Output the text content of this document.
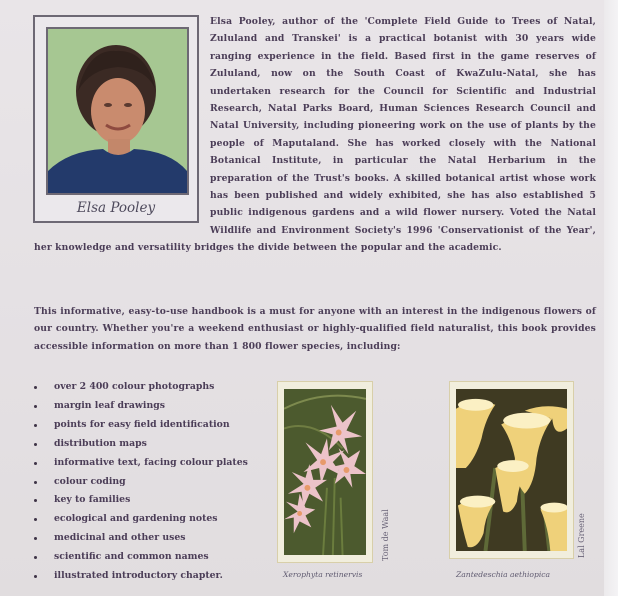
Elsa Pooley
Elsa Pooley, author of the 'Complete Field Guide to Trees of Natal, Zululand and Transkei' is a practical botanist with 30 years wide ranging experience in the field. Based first in the game reserves of Zululand, now on the South Coast of KwaZulu-Natal, she has undertaken research for the Council for Scientific and Industrial Research, Natal Parks Board, Human Sciences Research Council and Natal University, including pioneering work on the use of plants by the people of Maputaland. She has worked closely with the National Botanical Institute, in particular the Natal Herbarium in the preparation of the Trust's books. A skilled botanical artist whose work has been published and widely exhibited, she has also established 5 public indigenous gardens and a wild flower nursery. Voted the Natal Wildlife and Environment Society's 1996 'Conservationist of the Year', her knowledge and versatility bridges the divide between the popular and the academic.
This informative, easy-to-use handbook is a must for anyone with an interest in the indigenous flowers of our country. Whether you're a weekend enthusiast or highly-qualified field naturalist, this book provides accessible information on more than 1 800 flower species, including:
over 2 400 colour photographs
margin leaf drawings
points for easy field identification
distribution maps
informative text, facing colour plates
colour coding
key to families
ecological and gardening notes
medicinal and other uses
scientific and common names
illustrated introductory chapter.
Tom de Waal
Xerophyta retinervis
Lal Greene
Zantedeschia aethiopica
